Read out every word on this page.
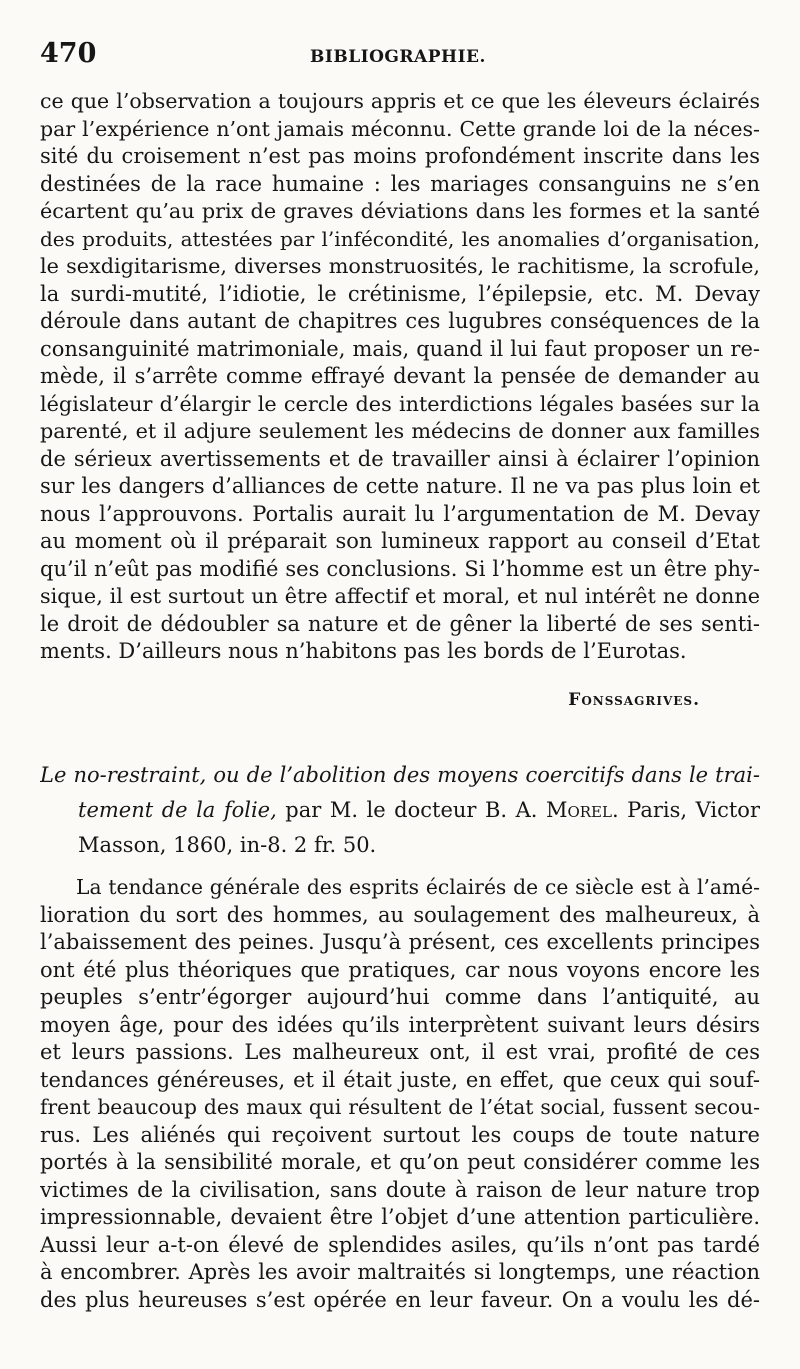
470	BIBLIOGRAPHIE.
ce que l’observation a toujours appris et ce que les éleveurs éclairés
par l’expérience n’ont jamais méconnu. Cette grande loi de la néces-
sité du croisement n’est pas moins profondément inscrite dans les
destinées de la race humaine : les mariages consanguins ne s’en
écartent qu’au prix de graves déviations dans les formes et la santé
des produits, attestées par l’infécondité, les anomalies d’organisation,
le sexdigitarisme, diverses monstruosités, le rachitisme, la scrofule,
la surdi-mutité, l’idiotie, le crétinisme, l’épilepsie, etc. M. Devay
déroule dans autant de chapitres ces lugubres conséquences de la
consanguinité matrimoniale, mais, quand il lui faut proposer un re-
mède, il s’arrête comme effrayé devant la pensée de demander au
législateur d’élargir le cercle des interdictions légales basées sur la
parenté, et il adjure seulement les médecins de donner aux familles
de sérieux avertissements et de travailler ainsi à éclairer l’opinion
sur les dangers d’alliances de cette nature. Il ne va pas plus loin et
nous l’approuvons. Portalis aurait lu l’argumentation de M. Devay
au moment où il préparait son lumineux rapport au conseil d’Etat
qu’il n’eût pas modifié ses conclusions. Si l’homme est un être phy-
sique, il est surtout un être affectif et moral, et nul intérêt ne donne
le droit de dédoubler sa nature et de gêner la liberté de ses senti-
ments. D’ailleurs nous n’habitons pas les bords de l’Eurotas.
Fonssagrives.
Le no-restraint, ou de l’abolition des moyens coercitifs dans le trai-
tement de la folie, par M. le docteur B. A. Morel. Paris, Victor
Masson, 1860, in-8. 2 fr. 50.
La tendance générale des esprits éclairés de ce siècle est à l’amé-
lioration du sort des hommes, au soulagement des malheureux, à
l’abaissement des peines. Jusqu’à présent, ces excellents principes
ont été plus théoriques que pratiques, car nous voyons encore les
peuples s’entr’égorger aujourd’hui comme dans l’antiquité, au
moyen âge, pour des idées qu’ils interprètent suivant leurs désirs
et leurs passions. Les malheureux ont, il est vrai, profité de ces
tendances généreuses, et il était juste, en effet, que ceux qui souf-
frent beaucoup des maux qui résultent de l’état social, fussent secou-
rus. Les aliénés qui reçoivent surtout les coups de toute nature
portés à la sensibilité morale, et qu’on peut considérer comme les
victimes de la civilisation, sans doute à raison de leur nature trop
impressionnable, devaient être l’objet d’une attention particulière.
Aussi leur a-t-on élevé de splendides asiles, qu’ils n’ont pas tardé
à encombrer. Après les avoir maltraités si longtemps, une réaction
des plus heureuses s’est opérée en leur faveur. On a voulu les dé-
